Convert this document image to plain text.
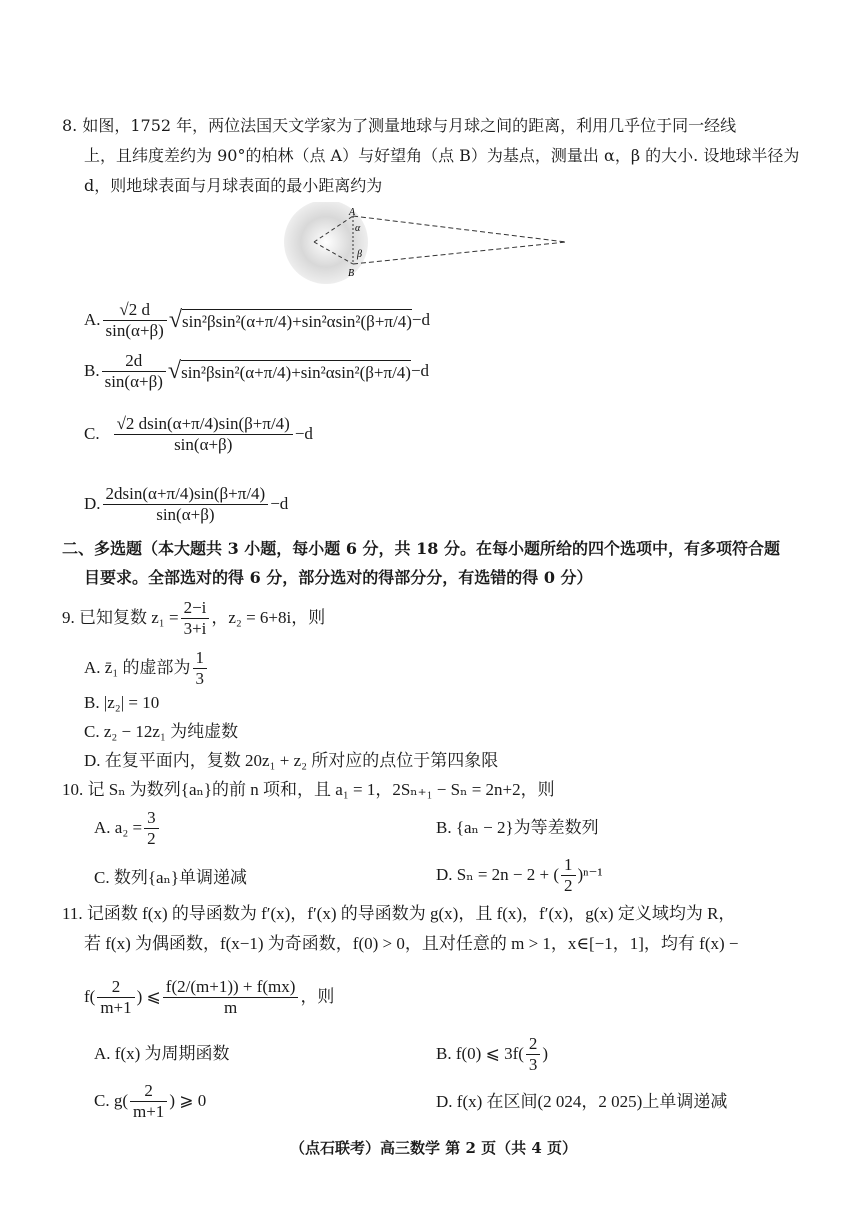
8. 如图，1752 年，两位法国天文学家为了测量地球与月球之间的距离，利用几乎位于同一经线
上，且纬度差约为 90°的柏林（点 A）与好望角（点 B）为基点，测量出 α，β 的大小. 设地球半径为
d，则地球表面与月球表面的最小距离约为
A
α
β
B
A. $\frac{√2 d}{\sin(\alpha+\beta)}$ √ sin²βsin²(α+π/4)+sin²αsin²(β+π/4) −d
B. $\frac{2d}{\sin(\alpha+\beta)}$ √ sin²βsin²(α+π/4)+sin²αsin²(β+π/4) −d
C. $\frac{√2 dsin(\alpha+\pi/4)\sin(\beta+\pi/4)}{\sin(\alpha+\beta)} -d$
D. $\frac{2dsin(\alpha+\pi/4)\sin(\beta+\pi/4)}{\sin(\alpha+\beta)} -d$
二、多选题（本大题共 3 小题，每小题 6 分，共 18 分。在每小题所给的四个选项中，有多项符合题
目要求。全部选对的得 6 分，部分选对的得部分分，有选错的得 0 分）
9. 已知复数 $z_1 = \frac{2-i}{3+i}$ ，z₂ = 6+8i，则
A. z̄₁ 的虚部为 $\frac{1}{3}$
B. |z₂| = 10
C. z₂ − 12z₁ 为纯虚数
D. 在复平面内，复数 20z₁ + z₂ 所对应的点位于第四象限
10. 记 Sₙ 为数列{aₙ}的前 n 项和，且 a₁ = 1，2Sₙ₊₁ − Sₙ = 2n+2，则
A. $a_2 = \frac{3}{2}$	B. {aₙ − 2}为等差数列
C. 数列{aₙ}单调递减	D. Sₙ = 2n − 2 + ( $\frac{1}{2} )^{n-1}$
11. 记函数 f(x) 的导函数为 f′(x)，f′(x) 的导函数为 g(x)，且 f(x)，f′(x)，g(x) 定义域均为 R，
若 f(x) 为偶函数，f(x−1) 为奇函数，f(0) > 0，且对任意的 m > 1，x∈[−1，1]，均有 f(x) −
$f( \frac{2}{m+1}$ ) ⩽ $\frac{f(2/(m+1)) + f(mx)}{m}$ ，则
A. f(x) 为周期函数	B. f(0) ⩽ $3f( \frac{2}{3}$ )
C. $g( \frac{2}{m+1}$ ) ⩾ 0	D. f(x) 在区间(2 024，2 025)上单调递减
（点石联考）高三数学 第 2 页（共 4 页）
